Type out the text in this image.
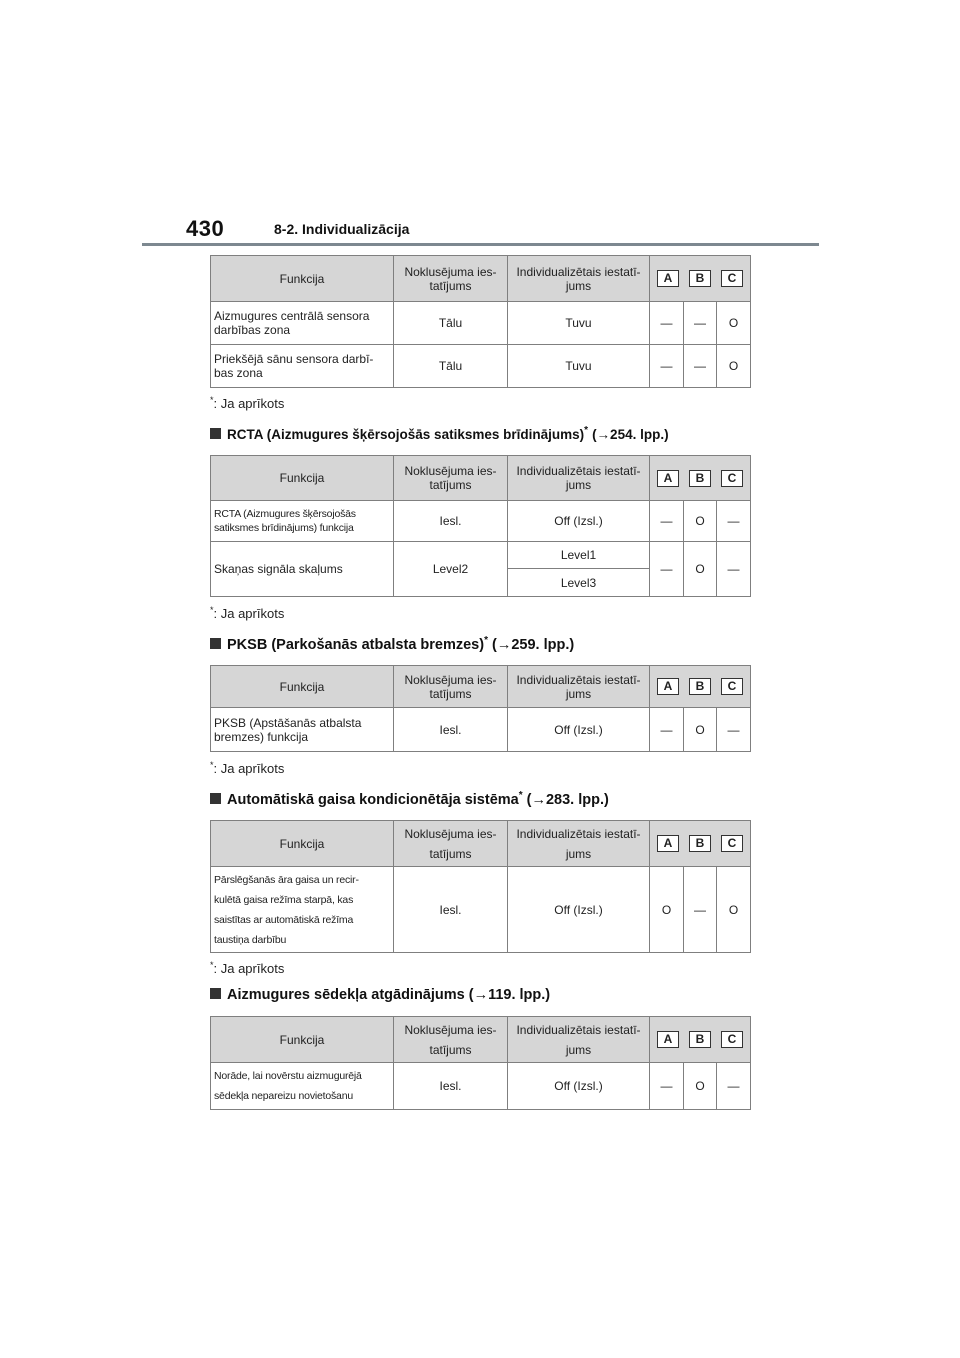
430	8-2. Individualizācija
Funkcija	Noklusējuma ies-
tatījums	Individualizētais iestatī-
jums	A B C		

Aizmugures centrālā sensora
darbības zona	Tālu	Tuvu	—	—	O
Priekšējā sānu sensora darbī-
bas zona	Tālu	Tuvu	—	—	O
*: Ja aprīkots
RCTA (Aizmugures šķērsojošās satiksmes brīdinājums)* (→254. lpp.)
Funkcija	Noklusējuma ies-
tatījums	Individualizētais iestatī-
jums	A B C		

RCTA (Aizmugures šķērsojošās
satiksmes brīdinājums) funkcija	Iesl.	Off (Izsl.)	—	O	—
Skaņas signāla skaļums	Level2	Level1	—	O	—
		Level3			
*: Ja aprīkots
PKSB (Parkošanās atbalsta bremzes)* (→259. lpp.)
Funkcija	Noklusējuma ies-
tatījums	Individualizētais iestatī-
jums	A B C		

PKSB (Apstāšanās atbalsta
bremzes) funkcija	Iesl.	Off (Izsl.)	—	O	—
*: Ja aprīkots
Automātiskā gaisa kondicionētāja sistēma* (→283. lpp.)
Funkcija	Noklusējuma ies-
tatījums	Individualizētais iestatī-
jums	A B C		

Pārslēgšanās āra gaisa un recir-
kulētā gaisa režīma starpā, kas
saistītas ar automātiskā režīma
taustiņa darbību	Iesl.	Off (Izsl.)	O	—	O
*: Ja aprīkots
Aizmugures sēdekļa atgādinājums (→119. lpp.)
Funkcija	Noklusējuma ies-
tatījums	Individualizētais iestatī-
jums	A B C		

Norāde, lai novērstu aizmugurējā
sēdekļa nepareizu novietošanu	Iesl.	Off (Izsl.)	—	O	—
